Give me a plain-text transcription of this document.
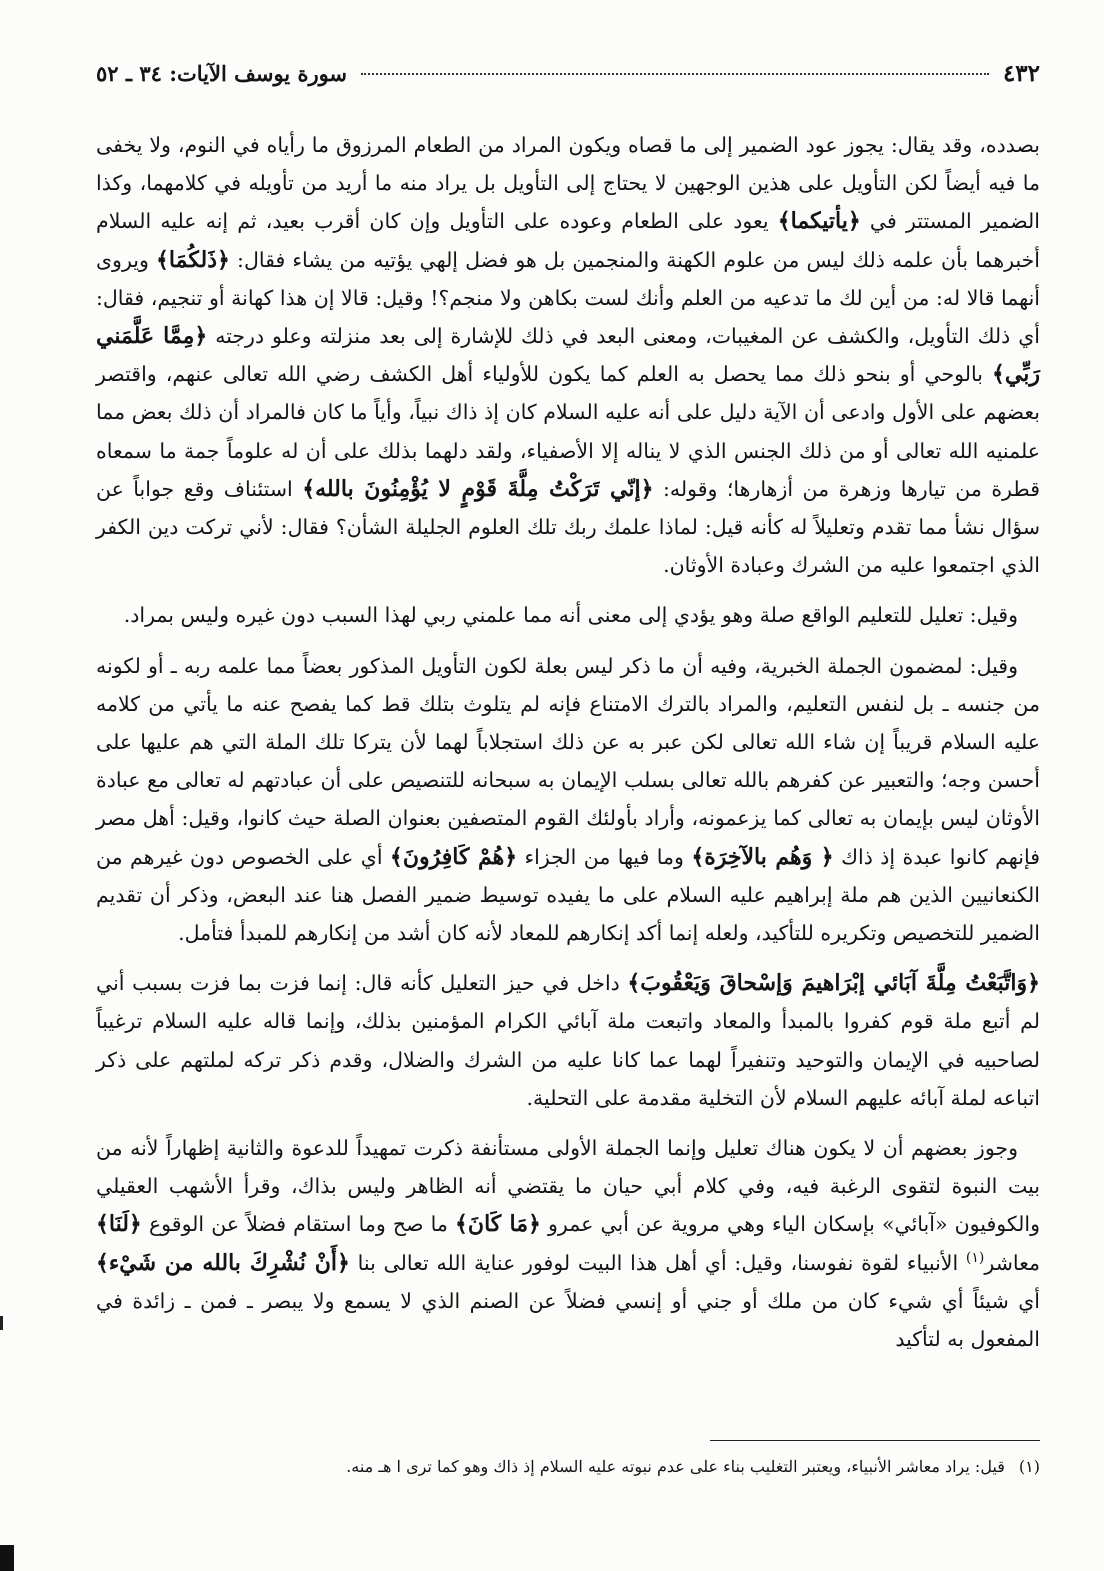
٤٣٢
سورة يوسف الآيات: ٣٤ ـ ٥٢

بصدده، وقد يقال: يجوز عود الضمير إلى ما قصاه ويكون المراد من الطعام المرزوق ما رأياه في النوم، ولا يخفى ما فيه أيضاً لكن التأويل على هذين الوجهين لا يحتاج إلى التأويل بل يراد منه ما أريد من تأويله في كلامهما، وكذا الضمير المستتر في ﴿يأتيكما﴾ يعود على الطعام وعوده على التأويل وإن كان أقرب بعيد، ثم إنه عليه السلام أخبرهما بأن علمه ذلك ليس من علوم الكهنة والمنجمين بل هو فضل إلهي يؤتيه من يشاء فقال: ﴿ذَلكُمَا﴾ ويروى أنهما قالا له: من أين لك ما تدعيه من العلم وأنك لست بكاهن ولا منجم؟! وقيل: قالا إن هذا كهانة أو تنجيم، فقال: أي ذلك التأويل، والكشف عن المغيبات، ومعنى البعد في ذلك للإشارة إلى بعد منزلته وعلو درجته ﴿مِمَّا عَلَّمَني رَبِّي﴾ بالوحي أو بنحو ذلك مما يحصل به العلم كما يكون للأولياء أهل الكشف رضي الله تعالى عنهم، واقتصر بعضهم على الأول وادعى أن الآية دليل على أنه عليه السلام كان إذ ذاك نبياً، وأياً ما كان فالمراد أن ذلك بعض مما علمنيه الله تعالى أو من ذلك الجنس الذي لا يناله إلا الأصفياء، ولقد دلهما بذلك على أن له علوماً جمة ما سمعاه قطرة من تيارها وزهرة من أزهارها؛ وقوله: ﴿إنّي تَرَكْتُ مِلَّةَ قَوْمٍ لا يُؤْمِنُونَ بالله﴾ استئناف وقع جواباً عن سؤال نشأ مما تقدم وتعليلاً له كأنه قيل: لماذا علمك ربك تلك العلوم الجليلة الشأن؟ فقال: لأني تركت دين الكفر الذي اجتمعوا عليه من الشرك وعبادة الأوثان.

وقيل: تعليل للتعليم الواقع صلة وهو يؤدي إلى معنى أنه مما علمني ربي لهذا السبب دون غيره وليس بمراد.

وقيل: لمضمون الجملة الخبرية، وفيه أن ما ذكر ليس بعلة لكون التأويل المذكور بعضاً مما علمه ربه ـ أو لكونه من جنسه ـ بل لنفس التعليم، والمراد بالترك الامتناع فإنه لم يتلوث بتلك قط كما يفصح عنه ما يأتي من كلامه عليه السلام قريباً إن شاء الله تعالى لكن عبر به عن ذلك استجلاباً لهما لأن يتركا تلك الملة التي هم عليها على أحسن وجه؛ والتعبير عن كفرهم بالله تعالى بسلب الإيمان به سبحانه للتنصيص على أن عبادتهم له تعالى مع عبادة الأوثان ليس بإيمان به تعالى كما يزعمونه، وأراد بأولئك القوم المتصفين بعنوان الصلة حيث كانوا، وقيل: أهل مصر فإنهم كانوا عبدة إذ ذاك ﴿ وَهُم بالآخِرَة﴾ وما فيها من الجزاء ﴿هُمْ كَافِرُونَ﴾ أي على الخصوص دون غيرهم من الكنعانيين الذين هم ملة إبراهيم عليه السلام على ما يفيده توسيط ضمير الفصل هنا عند البعض، وذكر أن تقديم الضمير للتخصيص وتكريره للتأكيد، ولعله إنما أكد إنكارهم للمعاد لأنه كان أشد من إنكارهم للمبدأ فتأمل.

﴿وَاتَّبَعْتُ مِلَّةَ آبَائي إبْرَاهيمَ وَإسْحاقَ وَيَعْقُوبَ﴾ داخل في حيز التعليل كأنه قال: إنما فزت بما فزت بسبب أني لم أتبع ملة قوم كفروا بالمبدأ والمعاد واتبعت ملة آبائي الكرام المؤمنين بذلك، وإنما قاله عليه السلام ترغيباً لصاحبيه في الإيمان والتوحيد وتنفيراً لهما عما كانا عليه من الشرك والضلال، وقدم ذكر تركه لملتهم على ذكر اتباعه لملة آبائه عليهم السلام لأن التخلية مقدمة على التحلية.

وجوز بعضهم أن لا يكون هناك تعليل وإنما الجملة الأولى مستأنفة ذكرت تمهيداً للدعوة والثانية إظهاراً لأنه من بيت النبوة لتقوى الرغبة فيه، وفي كلام أبي حيان ما يقتضي أنه الظاهر وليس بذاك، وقرأ الأشهب العقيلي والكوفيون «آبائي» بإسكان الياء وهي مروية عن أبي عمرو ﴿مَا كَانَ﴾ ما صح وما استقام فضلاً عن الوقوع ﴿لَنَا﴾ معاشر$^{(١)}$ الأنبياء لقوة نفوسنا، وقيل: أي أهل هذا البيت لوفور عناية الله تعالى بنا ﴿أَنْ نُشْرِكَ بالله من شَيْء﴾ أي شيئاً أي شيء كان من ملك أو جني أو إنسي فضلاً عن الصنم الذي لا يسمع ولا يبصر ـ فمن ـ زائدة في المفعول به لتأكيد

(١)قيل: يراد معاشر الأنبياء، ويعتبر التغليب بناء على عدم نبوته عليه السلام إذ ذاك وهو كما ترى ا هـ منه.
